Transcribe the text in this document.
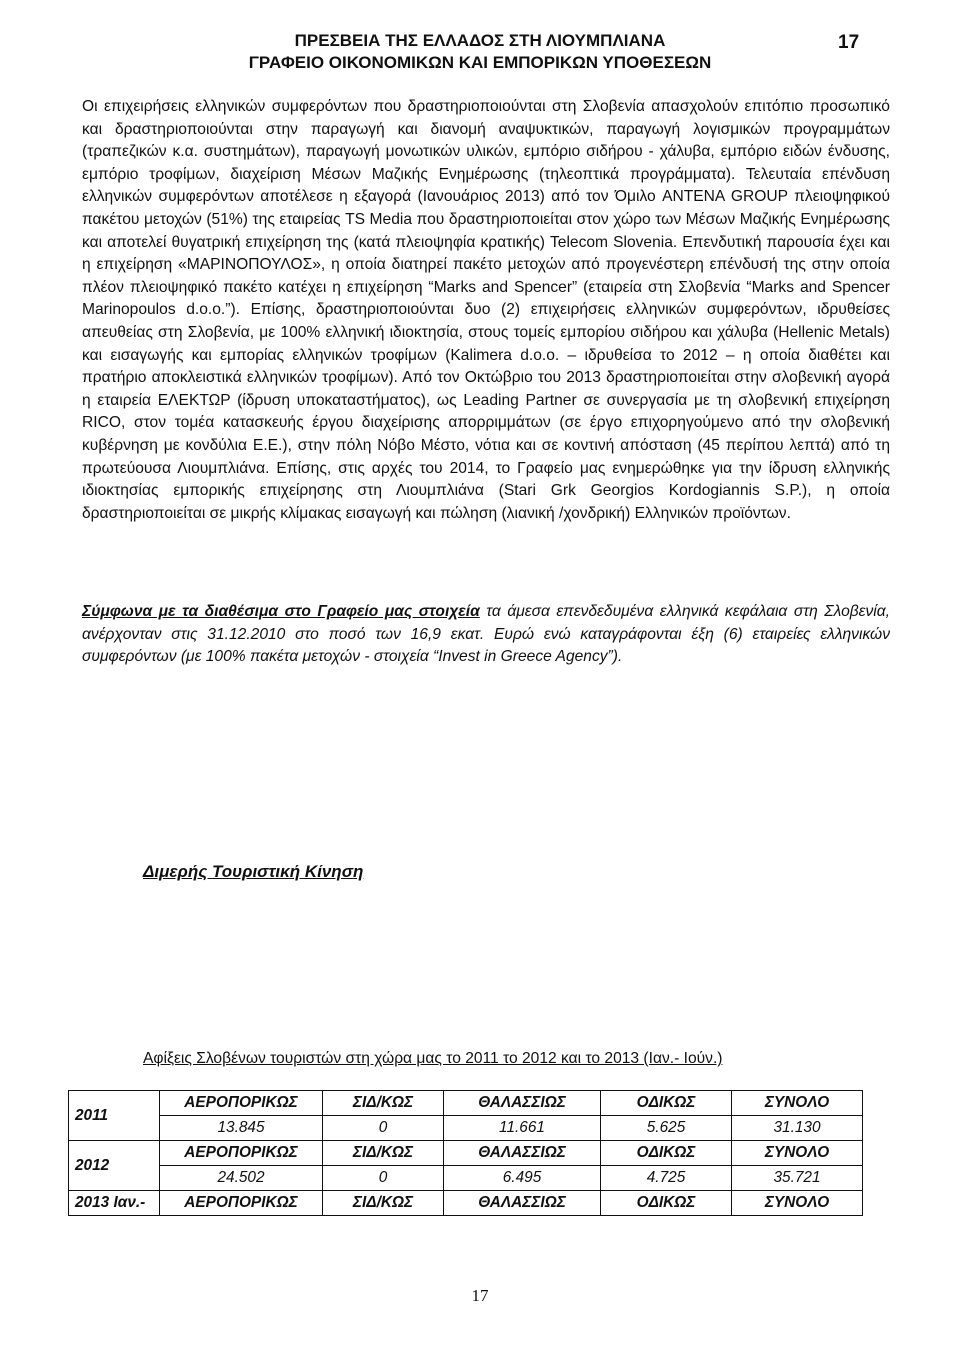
ΠΡΕΣΒΕΙΑ ΤΗΣ ΕΛΛΑΔΟΣ ΣΤΗ ΛΙΟΥΜΠΛΙΑΝΑ
ΓΡΑΦΕΙΟ ΟΙΚΟΝΟΜΙΚΩΝ ΚΑΙ ΕΜΠΟΡΙΚΩΝ ΥΠΟΘΕΣΕΩΝ
17

Οι επιχειρήσεις ελληνικών συμφερόντων που δραστηριοποιούνται στη Σλοβενία απασχολούν επιτόπιο προσωπικό και δραστηριοποιούνται στην παραγωγή και διανομή αναψυκτικών, παραγωγή λογισμικών προγραμμάτων (τραπεζικών κ.α. συστημάτων), παραγωγή μονωτικών υλικών, εμπόριο σιδήρου - χάλυβα, εμπόριο ειδών ένδυσης, εμπόριο τροφίμων, διαχείριση Μέσων Μαζικής Ενημέρωσης (τηλεοπτικά προγράμματα). Τελευταία επένδυση ελληνικών συμφερόντων αποτέλεσε η εξαγορά (Ιανουάριος 2013) από τον Όμιλο ANTENA GROUP πλειοψηφικού πακέτου μετοχών (51%) της εταιρείας TS Media που δραστηριοποιείται στον χώρο των Μέσων Μαζικής Ενημέρωσης και αποτελεί θυγατρική επιχείρηση της (κατά πλειοψηφία κρατικής) Telecom Slovenia. Επενδυτική παρουσία έχει και η επιχείρηση «ΜΑΡΙΝΟΠΟΥΛΟΣ», η οποία διατηρεί πακέτο μετοχών από προγενέστερη επένδυσή της στην οποία πλέον πλειοψηφικό πακέτο κατέχει η επιχείρηση “Marks and Spencer” (εταιρεία στη Σλοβενία “Marks and Spencer Marinopoulos d.o.o.”). Επίσης, δραστηριοποιούνται δυο (2) επιχειρήσεις ελληνικών συμφερόντων, ιδρυθείσες απευθείας στη Σλοβενία, με 100% ελληνική ιδιοκτησία, στους τομείς εμπορίου σιδήρου και χάλυβα (Hellenic Metals) και εισαγωγής και εμπορίας ελληνικών τροφίμων (Kalimera d.o.o. – ιδρυθείσα το 2012 – η οποία διαθέτει και πρατήριο αποκλειστικά ελληνικών τροφίμων). Από τον Οκτώβριο του 2013 δραστηριοποιείται στην σλοβενική αγορά η εταιρεία ΕΛΕΚΤΩΡ (ίδρυση υποκαταστήματος), ως Leading Partner σε συνεργασία με τη σλοβενική επιχείρηση RICO, στον τομέα κατασκευής έργου διαχείρισης απορριμμάτων (σε έργο επιχορηγούμενο από την σλοβενική κυβέρνηση με κονδύλια Ε.Ε.), στην πόλη Νόβο Μέστο, νότια και σε κοντινή απόσταση (45 περίπου λεπτά) από τη πρωτεύουσα Λιουμπλιάνα. Επίσης, στις αρχές του 2014, το Γραφείο μας ενημερώθηκε για την ίδρυση ελληνικής ιδιοκτησίας εμπορικής επιχείρησης στη Λιουμπλιάνα (Stari Grk Georgios Kordogiannis S.P.), η οποία δραστηριοποιείται σε μικρής κλίμακας εισαγωγή και πώληση (λιανική /χονδρική) Ελληνικών προϊόντων.

Σύμφωνα με τα διαθέσιμα στο Γραφείο μας στοιχεία τα άμεσα επενδεδυμένα ελληνικά κεφάλαια στη Σλοβενία, ανέρχονταν στις 31.12.2010 στο ποσό των 16,9 εκατ. Ευρώ ενώ καταγράφονται έξη (6) εταιρείες ελληνικών συμφερόντων (με 100% πακέτα μετοχών - στοιχεία “Invest in Greece Agency”).
Διμερής Τουριστική Κίνηση
Αφίξεις Σλοβένων τουριστών στη χώρα μας το 2011 το 2012 και το 2013 (Ιαν.- Ιούν.)
2011	ΑΕΡΟΠΟΡΙΚΩΣ	ΣΙΔ/ΚΩΣ	ΘΑΛΑΣΣΙΩΣ	ΟΔΙΚΩΣ	ΣΥΝΟΛΟ
	13.845	0	11.661	5.625	31.130
2012	ΑΕΡΟΠΟΡΙΚΩΣ	ΣΙΔ/ΚΩΣ	ΘΑΛΑΣΣΙΩΣ	ΟΔΙΚΩΣ	ΣΥΝΟΛΟ
	24.502	0	6.495	4.725	35.721
2013 Ιαν.-	ΑΕΡΟΠΟΡΙΚΩΣ	ΣΙΔ/ΚΩΣ	ΘΑΛΑΣΣΙΩΣ	ΟΔΙΚΩΣ	ΣΥΝΟΛΟ
17
